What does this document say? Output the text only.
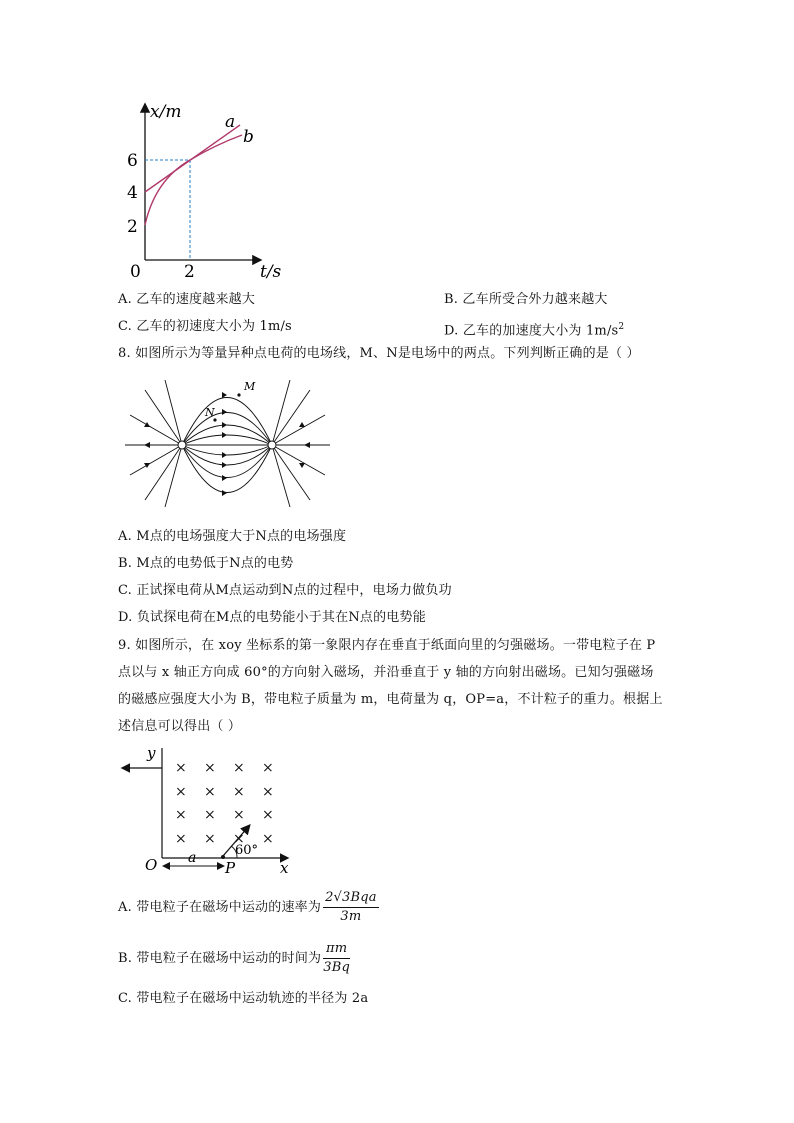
x/m
t/s
a
b
6
4
2
0	2
A. 乙车的速度越来越大	B. 乙车所受合外力越来越大
C. 乙车的初速度大小为 1m/s	D. 乙车的加速度大小为 $1m/s^2$
8. 如图所示为等量异种点电荷的电场线，M、N是电场中的两点。下列判断正确的是（ ）
M
N
A. M点的电场强度大于N点的电场强度
B. M点的电势低于N点的电势
C. 正试探电荷从M点运动到N点的过程中，电场力做负功
D. 负试探电荷在M点的电势能小于其在N点的电势能
9. 如图所示，在 xoy 坐标系的第一象限内存在垂直于纸面向里的匀强磁场。一带电粒子在 P
点以与 x 轴正方向成 60°的方向射入磁场，并沿垂直于 y 轴的方向射出磁场。已知匀强磁场
的磁感应强度大小为 B，带电粒子质量为 m，电荷量为 q，OP=a，不计粒子的重力。根据上
述信息可以得出（ ）
× × × ×
× × × ×
× × × ×
× × × ×
y
x
O	P
a	60°
A. 带电粒子在磁场中运动的速率为 $\frac{\text{2√3Bqa}}{3m}$
B. 带电粒子在磁场中运动的时间为 $\frac{\pi m}{3Bq}$
C. 带电粒子在磁场中运动轨迹的半径为 2a
